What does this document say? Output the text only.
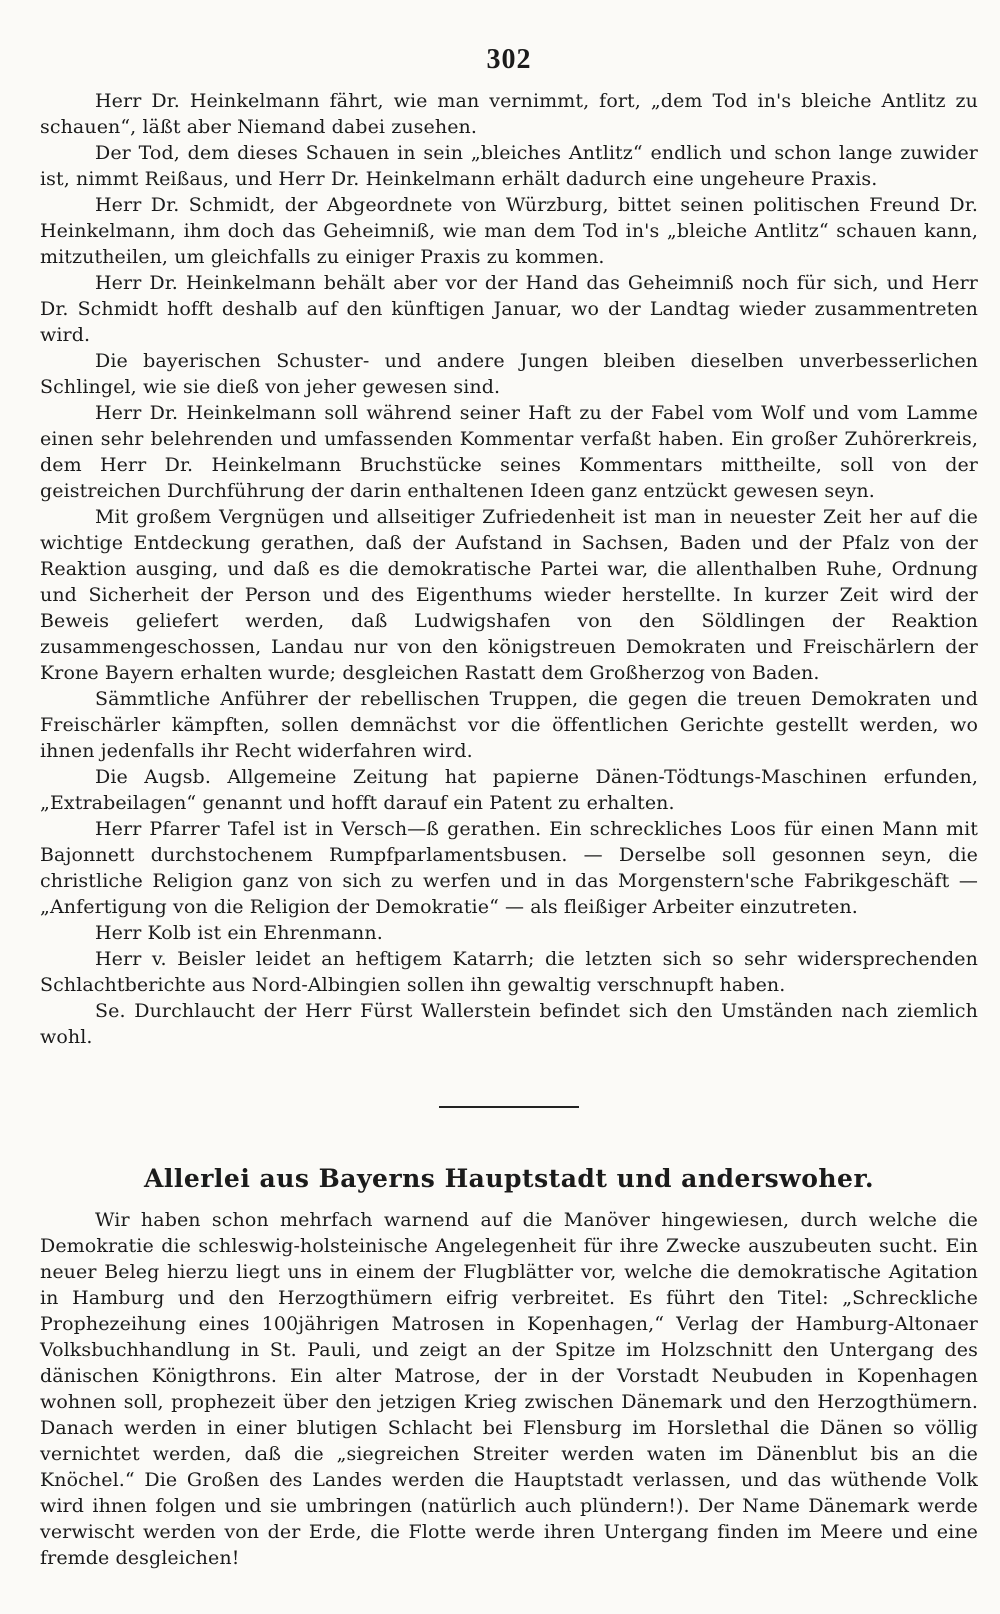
302

Herr Dr. Heinkelmann fährt, wie man vernimmt, fort, „dem Tod in's bleiche Antlitz zu schauen“, läßt aber Niemand dabei zusehen.

Der Tod, dem dieses Schauen in sein „bleiches Antlitz“ endlich und schon lange zuwider ist, nimmt Reißaus, und Herr Dr. Heinkelmann erhält dadurch eine ungeheure Praxis.

Herr Dr. Schmidt, der Abgeordnete von Würzburg, bittet seinen politischen Freund Dr. Heinkelmann, ihm doch das Geheimniß, wie man dem Tod in's „bleiche Antlitz“ schauen kann, mitzutheilen, um gleichfalls zu einiger Praxis zu kommen.

Herr Dr. Heinkelmann behält aber vor der Hand das Geheimniß noch für sich, und Herr Dr. Schmidt hofft deshalb auf den künftigen Januar, wo der Landtag wieder zusammentreten wird.

Die bayerischen Schuster- und andere Jungen bleiben dieselben unverbesserlichen Schlingel, wie sie dieß von jeher gewesen sind.

Herr Dr. Heinkelmann soll während seiner Haft zu der Fabel vom Wolf und vom Lamme einen sehr belehrenden und umfassenden Kommentar verfaßt haben. Ein großer Zuhörerkreis, dem Herr Dr. Heinkelmann Bruchstücke seines Kommentars mittheilte, soll von der geistreichen Durchführung der darin enthaltenen Ideen ganz entzückt gewesen seyn.

Mit großem Vergnügen und allseitiger Zufriedenheit ist man in neuester Zeit her auf die wichtige Entdeckung gerathen, daß der Aufstand in Sachsen, Baden und der Pfalz von der Reaktion ausging, und daß es die demokratische Partei war, die allenthalben Ruhe, Ordnung und Sicherheit der Person und des Eigenthums wieder herstellte. In kurzer Zeit wird der Beweis geliefert werden, daß Ludwigshafen von den Söldlingen der Reaktion zusammengeschossen, Landau nur von den königstreuen Demokraten und Freischärlern der Krone Bayern erhalten wurde; desgleichen Rastatt dem Großherzog von Baden.

Sämmtliche Anführer der rebellischen Truppen, die gegen die treuen Demokraten und Freischärler kämpften, sollen demnächst vor die öffentlichen Gerichte gestellt werden, wo ihnen jedenfalls ihr Recht widerfahren wird.

Die Augsb. Allgemeine Zeitung hat papierne Dänen-Tödtungs-Maschinen erfunden, „Extrabeilagen“ genannt und hofft darauf ein Patent zu erhalten.

Herr Pfarrer Tafel ist in Versch—ß gerathen. Ein schreckliches Loos für einen Mann mit Bajonnett durchstochenem Rumpfparlamentsbusen. — Derselbe soll gesonnen seyn, die christliche Religion ganz von sich zu werfen und in das Morgenstern'sche Fabrikgeschäft — „Anfertigung von die Religion der Demokratie“ — als fleißiger Arbeiter einzutreten.

Herr Kolb ist ein Ehrenmann.

Herr v. Beisler leidet an heftigem Katarrh; die letzten sich so sehr widersprechenden Schlachtberichte aus Nord-Albingien sollen ihn gewaltig verschnupft haben.

Se. Durchlaucht der Herr Fürst Wallerstein befindet sich den Umständen nach ziemlich wohl.

Allerlei aus Bayerns Hauptstadt und anderswoher.

Wir haben schon mehrfach warnend auf die Manöver hingewiesen, durch welche die Demokratie die schleswig-holsteinische Angelegenheit für ihre Zwecke auszubeuten sucht. Ein neuer Beleg hierzu liegt uns in einem der Flugblätter vor, welche die demokratische Agitation in Hamburg und den Herzogthümern eifrig verbreitet. Es führt den Titel: „Schreckliche Prophezeihung eines 100jährigen Matrosen in Kopenhagen,“ Verlag der Hamburg-Altonaer Volksbuchhandlung in St. Pauli, und zeigt an der Spitze im Holzschnitt den Untergang des dänischen Königthrons. Ein alter Matrose, der in der Vorstadt Neubuden in Kopenhagen wohnen soll, prophezeit über den jetzigen Krieg zwischen Dänemark und den Herzogthümern. Danach werden in einer blutigen Schlacht bei Flensburg im Horslethal die Dänen so völlig vernichtet werden, daß die „siegreichen Streiter werden waten im Dänenblut bis an die Knöchel.“ Die Großen des Landes werden die Hauptstadt verlassen, und das wüthende Volk wird ihnen folgen und sie umbringen (natürlich auch plündern!). Der Name Dänemark werde verwischt werden von der Erde, die Flotte werde ihren Untergang finden im Meere und eine fremde desgleichen!
